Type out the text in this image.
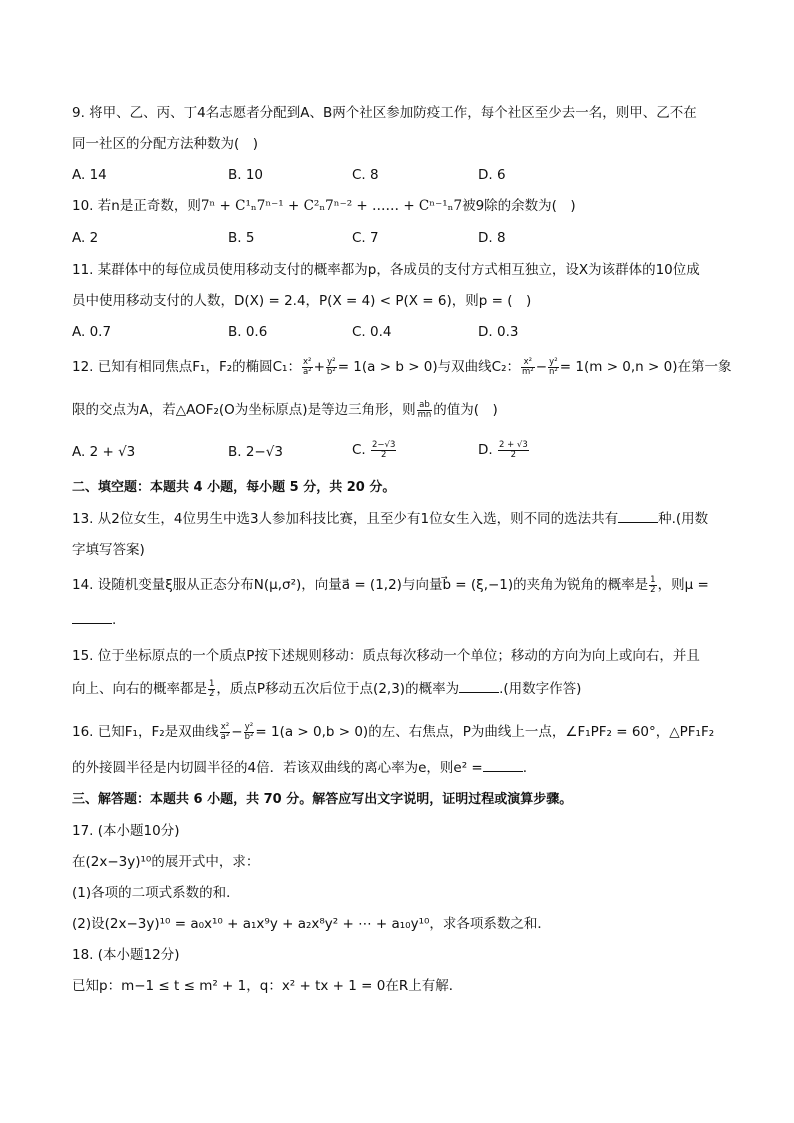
9. 将甲、乙、丙、丁4名志愿者分配到A、B两个社区参加防疫工作，每个社区至少去一名，则甲、乙不在
同一社区的分配方法种数为(　)
A. 14	B. 10	C. 8	D. 6
10. 若n是正奇数，则7ⁿ + C¹ₙ7ⁿ⁻¹ + C²ₙ7ⁿ⁻² + …… + Cⁿ⁻¹ₙ7被9除的余数为(　)
A. 2	B. 5	C. 7	D. 8
11. 某群体中的每位成员使用移动支付的概率都为p，各成员的支付方式相互独立，设X为该群体的10位成
员中使用移动支付的人数，D(X) = 2.4，P(X = 4) < P(X = 6)，则p = (　)
A. 0.7	B. 0.6	C. 0.4	D. 0.3
12. 已知有相同焦点F₁，F₂的椭圆C₁： $\frac{\text{x²}}{\text{a²}} + \frac{\text{y²}}{\text{b²}} = 1(a > b > 0)$与双曲线C₂： $\frac{\text{x²}}{\text{m²}} - \frac{\text{y²}}{\text{n²}} = 1(m > 0,n > 0)$在第一象
限的交点为A，若△AOF₂(O为坐标原点)是等边三角形，则 $\frac{ab}{mn}$ 的值为(　)
A. 2 + √3	B. 2−√3	C. $\frac{2-√3}{2}$	D. $\frac{2 + √3}{2}$
二、填空题：本题共 4 小题，每小题 5 分，共 20 分。
13. 从2位女生，4位男生中选3人参加科技比赛，且至少有1位女生入选，则不同的选法共有	种.(用数
字填写答案)
14. 设随机变量ξ服从正态分布N(μ,σ²)，向量a⃗ = (1,2)与向量b⃗ = (ξ,−1)的夹角为锐角的概率是 $\frac{1}{2}$ ，则μ =
.
15. 位于坐标原点的一个质点P按下述规则移动：质点每次移动一个单位；移动的方向为向上或向右，并且
向上、向右的概率都是 $\frac{1}{2}$ ，质点P移动五次后位于点(2,3)的概率为	.(用数字作答)
16. 已知F₁，F₂是双曲线 $\frac{\text{x²}}{\text{a²}} - \frac{\text{y²}}{\text{b²}} = 1(a > 0,b > 0)$的左、右焦点，P为曲线上一点，∠F₁PF₂ = 60°，△PF₁F₂
的外接圆半径是内切圆半径的4倍．若该双曲线的离心率为e，则e² =	.
三、解答题：本题共 6 小题，共 70 分。解答应写出文字说明，证明过程或演算步骤。
17. (本小题10分)
在(2x−3y)¹⁰的展开式中，求：
(1)各项的二项式系数的和．
(2)设(2x−3y)¹⁰ = a₀x¹⁰ + a₁x⁹y + a₂x⁸y² + ⋯ + a₁₀y¹⁰，求各项系数之和．
18. (本小题12分)
已知p：m−1 ≤ t ≤ m² + 1，q：x² + tx + 1 = 0在R上有解．
